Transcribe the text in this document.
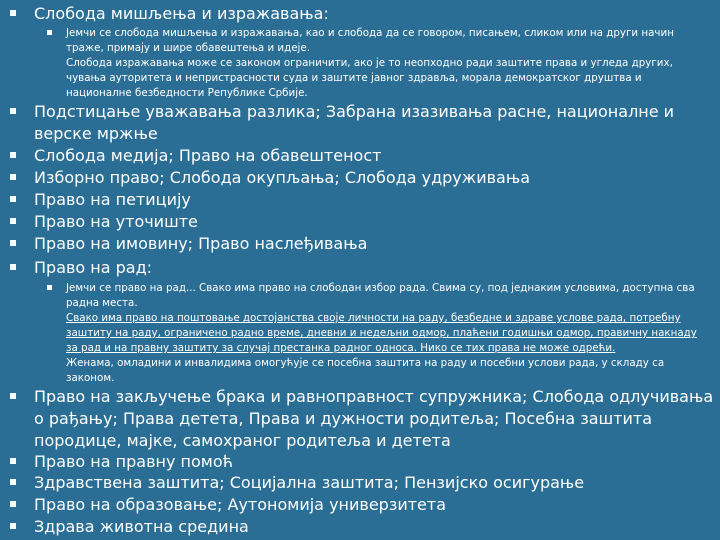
Слобода мишљења и изражавања:
Јемчи се слобода мишљења и изражавања, као и слобода да се говором, писањем, сликом или на други начин
тражe, примају и шире обавештења и идеје.
Слобода изражавања може се законом ограничити, ако је то неопходно ради заштите права и угледа других,
чувања ауторитета и непристрасности суда и заштите јавног здравља, морала демократског друштва и
националне безбедности Републике Србије.
Подстицање уважавања разлика; Забрана изазивања расне, националне и
верске мржње
Слобода медија; Право на обавештеност
Изборно право; Слобода окупљања; Слобода удруживања
Право на петицију
Право на уточиште
Право на имовину; Право наслеђивања
Право на рад:
Јемчи се право на рад... Свако има право на слободан избор рада. Свима су, под једнаким условима, доступна сва
радна места.
Свако има право на поштовање достојанства своје личности на раду, безбедне и здраве услове рада, потребну
заштиту на раду, ограничено радно време, дневни и недељни одмор, плаћени годишњи одмор, правичну накнаду
за рад и на правну заштиту за случај престанка радног односа. Нико се тих права не може одрећи.
Женама, омладини и инвалидима омогућује се посебна заштита на раду и посебни услови рада, у складу са
законом.
Право на закључење брака и равноправност супружника; Слобода одлучивања
о рађању; Права детета, Права и дужности родитеља; Посебна заштита
породице, мајке, самохраног родитеља и детета
Право на правну помоћ
Здравствена заштита; Социјална заштита; Пензијско осигурање
Право на образовање; Аутономија универзитета
Здрава животна средина
